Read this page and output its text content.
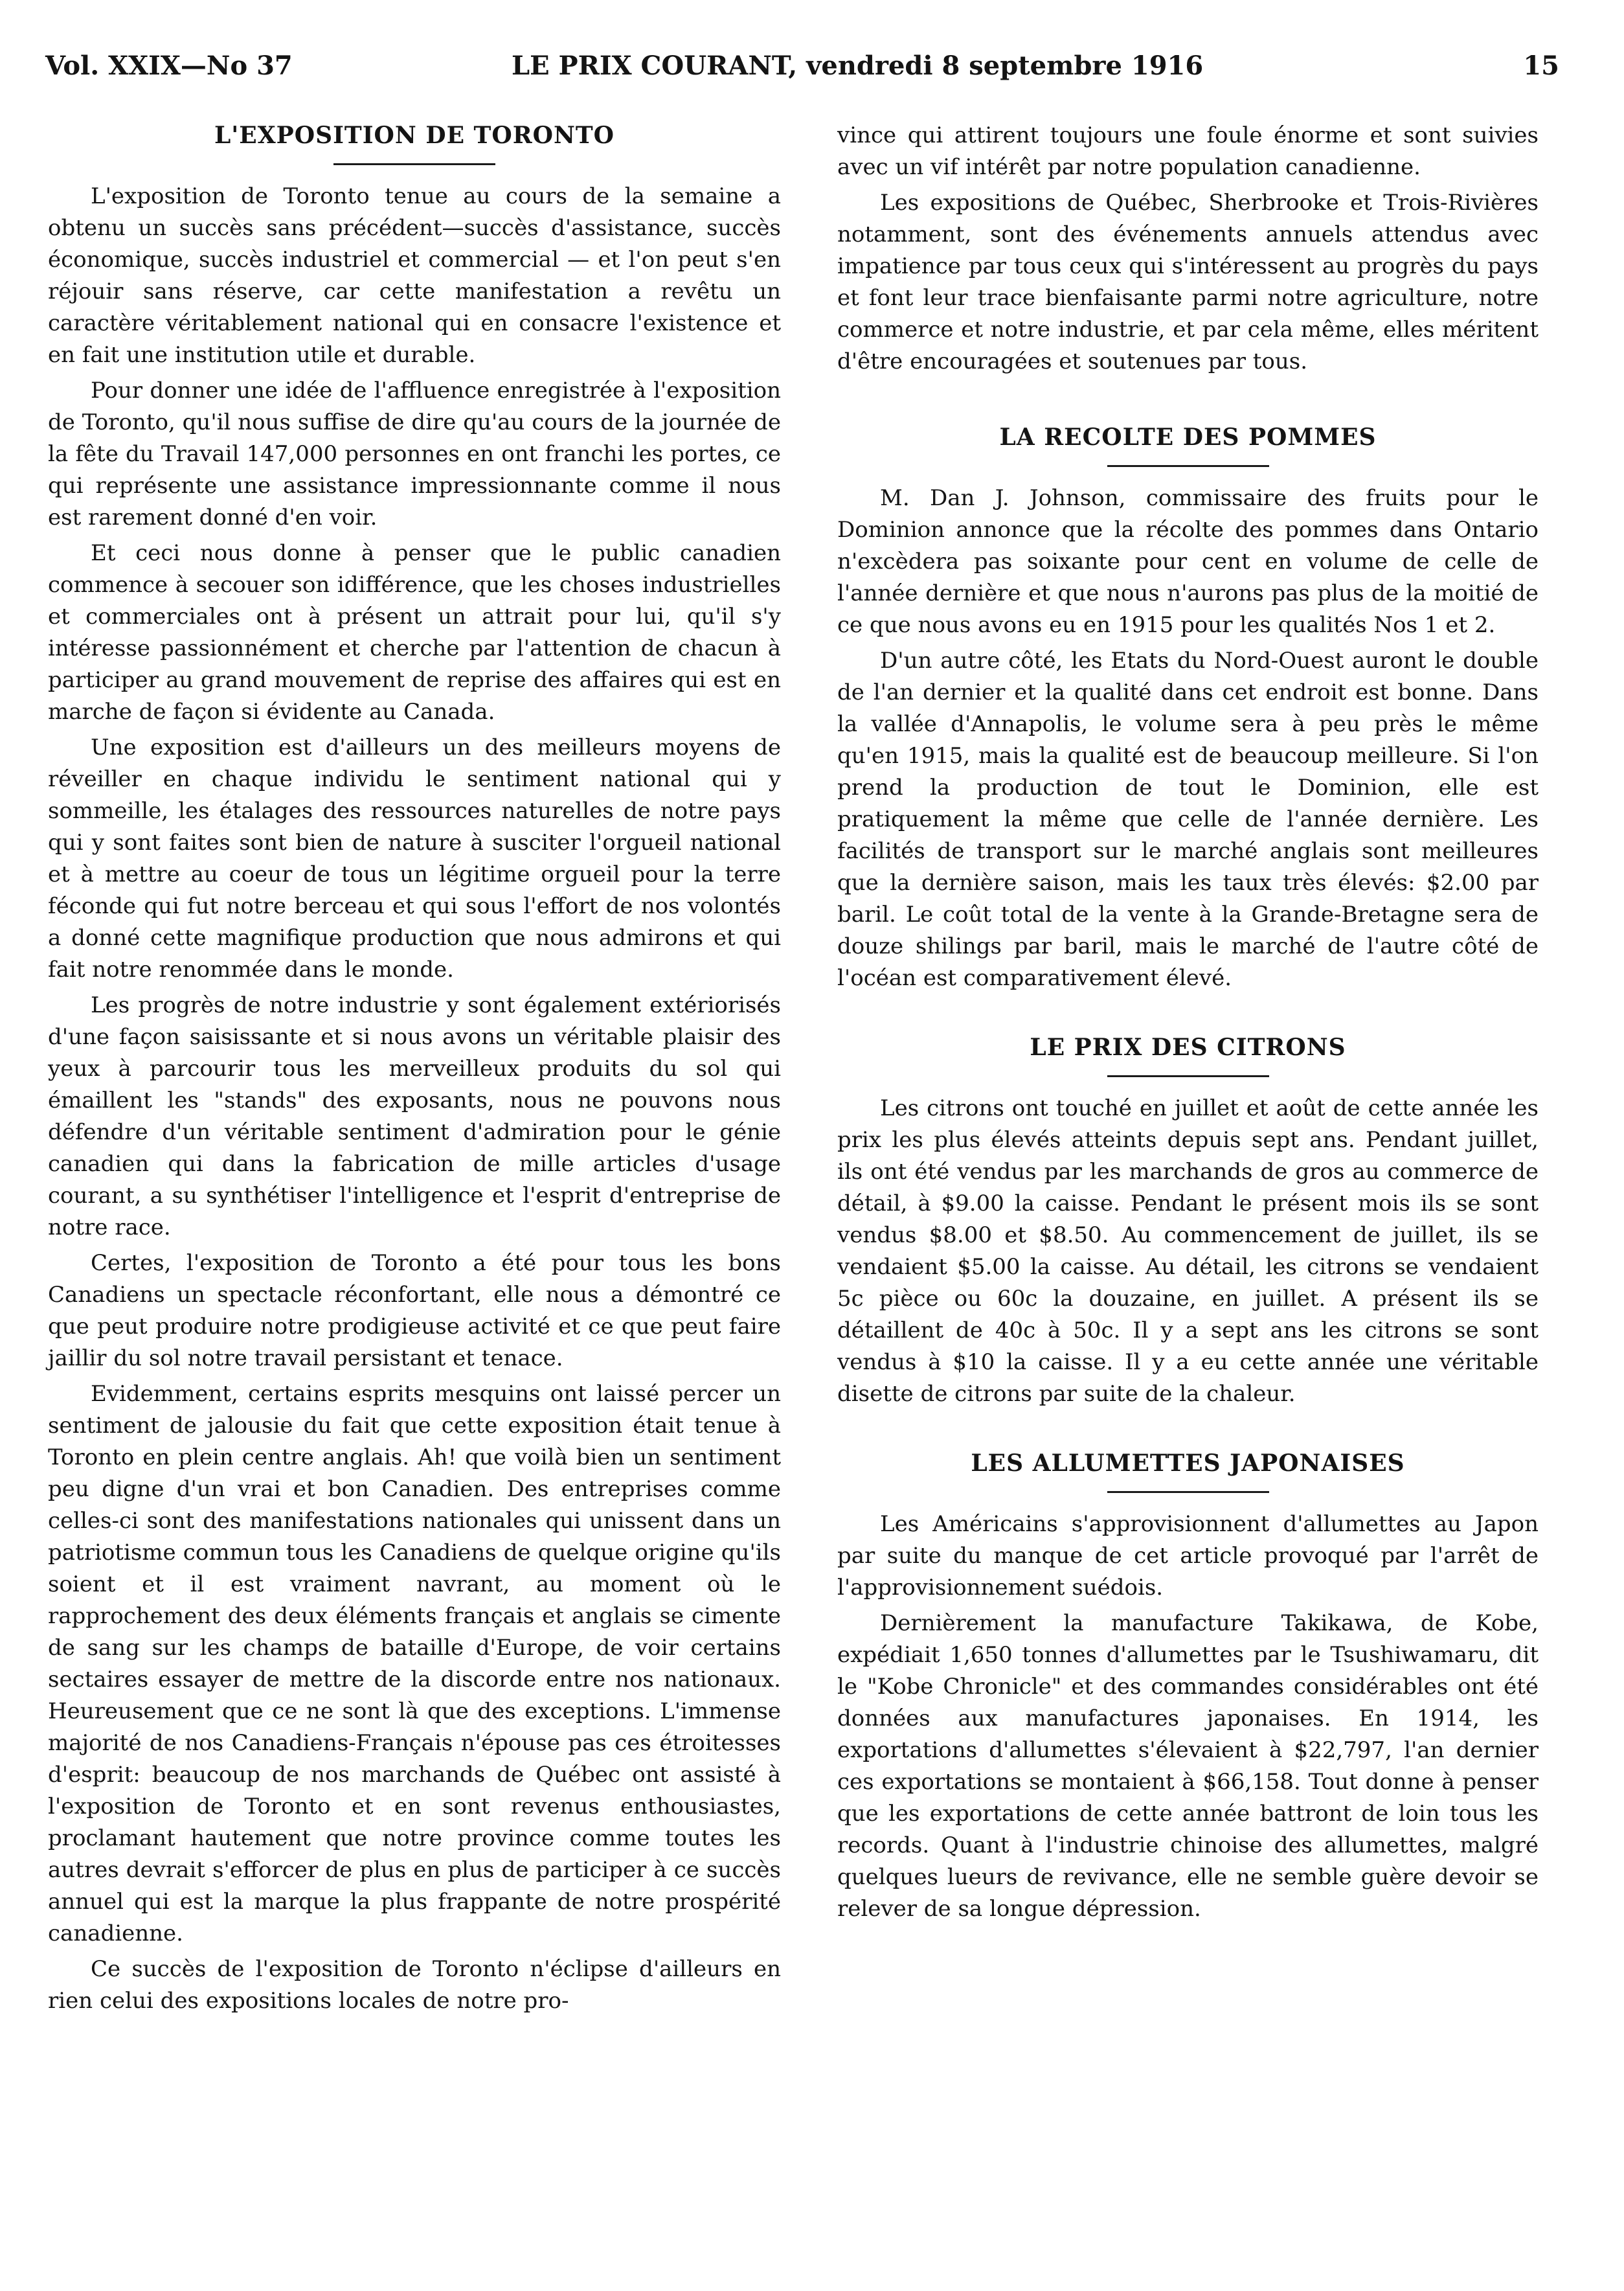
Vol. XXIX—No 37	LE PRIX COURANT, vendredi 8 septembre 1916	15
L'EXPOSITION DE TORONTO

L'exposition de Toronto tenue au cours de la semaine a obtenu un succès sans précédent—succès d'assistance, succès économique, succès industriel et commercial — et l'on peut s'en réjouir sans réserve, car cette manifestation a revêtu un caractère véritablement national qui en consacre l'existence et en fait une institution utile et durable.

Pour donner une idée de l'affluence enregistrée à l'exposition de Toronto, qu'il nous suffise de dire qu'au cours de la journée de la fête du Travail 147,000 personnes en ont franchi les portes, ce qui représente une assistance impressionnante comme il nous est rarement donné d'en voir.

Et ceci nous donne à penser que le public canadien commence à secouer son idifférence, que les choses industrielles et commerciales ont à présent un attrait pour lui, qu'il s'y intéresse passionnément et cherche par l'attention de chacun à participer au grand mouvement de reprise des affaires qui est en marche de façon si évidente au Canada.

Une exposition est d'ailleurs un des meilleurs moyens de réveiller en chaque individu le sentiment national qui y sommeille, les étalages des ressources naturelles de notre pays qui y sont faites sont bien de nature à susciter l'orgueil national et à mettre au coeur de tous un légitime orgueil pour la terre féconde qui fut notre berceau et qui sous l'effort de nos volontés a donné cette magnifique production que nous admirons et qui fait notre renommée dans le monde.

Les progrès de notre industrie y sont également extériorisés d'une façon saisissante et si nous avons un véritable plaisir des yeux à parcourir tous les merveilleux produits du sol qui émaillent les "stands" des exposants, nous ne pouvons nous défendre d'un véritable sentiment d'admiration pour le génie canadien qui dans la fabrication de mille articles d'usage courant, a su synthétiser l'intelligence et l'esprit d'entreprise de notre race.

Certes, l'exposition de Toronto a été pour tous les bons Canadiens un spectacle réconfortant, elle nous a démontré ce que peut produire notre prodigieuse activité et ce que peut faire jaillir du sol notre travail persistant et tenace.

Evidemment, certains esprits mesquins ont laissé percer un sentiment de jalousie du fait que cette exposition était tenue à Toronto en plein centre anglais. Ah! que voilà bien un sentiment peu digne d'un vrai et bon Canadien. Des entreprises comme celles-ci sont des manifestations nationales qui unissent dans un patriotisme commun tous les Canadiens de quelque origine qu'ils soient et il est vraiment navrant, au moment où le rapprochement des deux éléments français et anglais se cimente de sang sur les champs de bataille d'Europe, de voir certains sectaires essayer de mettre de la discorde entre nos nationaux. Heureusement que ce ne sont là que des exceptions. L'immense majorité de nos Canadiens-Français n'épouse pas ces étroitesses d'esprit: beaucoup de nos marchands de Québec ont assisté à l'exposition de Toronto et en sont revenus enthousiastes, proclamant hautement que notre province comme toutes les autres devrait s'efforcer de plus en plus de participer à ce succès annuel qui est la marque la plus frappante de notre prospérité canadienne.

Ce succès de l'exposition de Toronto n'éclipse d'ailleurs en rien celui des expositions locales de notre pro-

vince qui attirent toujours une foule énorme et sont suivies avec un vif intérêt par notre population canadienne.

Les expositions de Québec, Sherbrooke et Trois-Rivières notamment, sont des événements annuels attendus avec impatience par tous ceux qui s'intéressent au progrès du pays et font leur trace bienfaisante parmi notre agriculture, notre commerce et notre industrie, et par cela même, elles méritent d'être encouragées et soutenues par tous.

LA RECOLTE DES POMMES

M. Dan J. Johnson, commissaire des fruits pour le Dominion annonce que la récolte des pommes dans Ontario n'excèdera pas soixante pour cent en volume de celle de l'année dernière et que nous n'aurons pas plus de la moitié de ce que nous avons eu en 1915 pour les qualités Nos 1 et 2.

D'un autre côté, les Etats du Nord-Ouest auront le double de l'an dernier et la qualité dans cet endroit est bonne. Dans la vallée d'Annapolis, le volume sera à peu près le même qu'en 1915, mais la qualité est de beaucoup meilleure. Si l'on prend la production de tout le Dominion, elle est pratiquement la même que celle de l'année dernière. Les facilités de transport sur le marché anglais sont meilleures que la dernière saison, mais les taux très élevés: $2.00 par baril. Le coût total de la vente à la Grande-Bretagne sera de douze shilings par baril, mais le marché de l'autre côté de l'océan est comparativement élevé.

LE PRIX DES CITRONS

Les citrons ont touché en juillet et août de cette année les prix les plus élevés atteints depuis sept ans. Pendant juillet, ils ont été vendus par les marchands de gros au commerce de détail, à $9.00 la caisse. Pendant le présent mois ils se sont vendus $8.00 et $8.50. Au commencement de juillet, ils se vendaient $5.00 la caisse. Au détail, les citrons se vendaient 5c pièce ou 60c la douzaine, en juillet. A présent ils se détaillent de 40c à 50c. Il y a sept ans les citrons se sont vendus à $10 la caisse. Il y a eu cette année une véritable disette de citrons par suite de la chaleur.

LES ALLUMETTES JAPONAISES

Les Américains s'approvisionnent d'allumettes au Japon par suite du manque de cet article provoqué par l'arrêt de l'approvisionnement suédois.

Dernièrement la manufacture Takikawa, de Kobe, expédiait 1,650 tonnes d'allumettes par le Tsushiwamaru, dit le "Kobe Chronicle" et des commandes considérables ont été données aux manufactures japonaises. En 1914, les exportations d'allumettes s'élevaient à $22,797, l'an dernier ces exportations se montaient à $66,158. Tout donne à penser que les exportations de cette année battront de loin tous les records. Quant à l'industrie chinoise des allumettes, malgré quelques lueurs de revivance, elle ne semble guère devoir se relever de sa longue dépression.
